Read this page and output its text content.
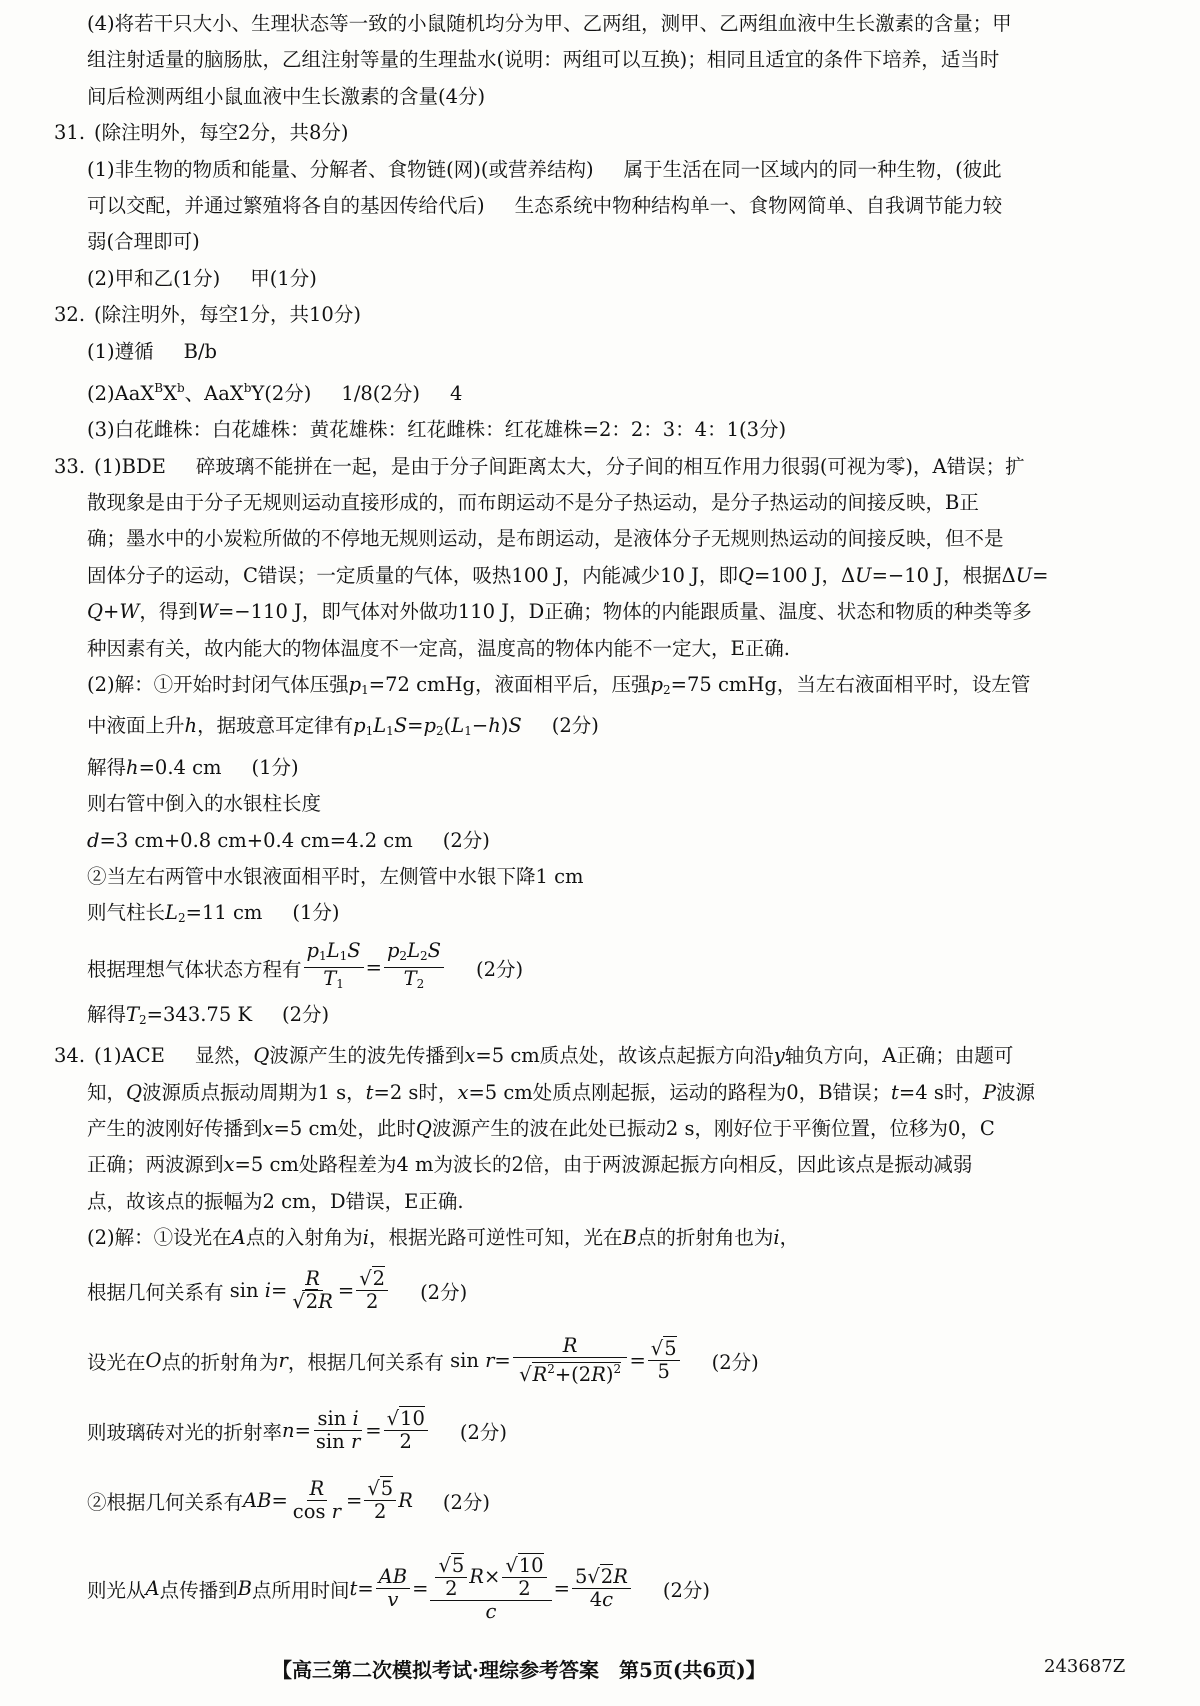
(4)将若干只大小、生理状态等一致的小鼠随机均分为甲、乙两组，测甲、乙两组血液中生长激素的含量；甲
组注射适量的脑肠肽，乙组注射等量的生理盐水(说明：两组可以互换)；相同且适宜的条件下培养，适当时
间后检测两组小鼠血液中生长激素的含量(4分)
31. (除注明外，每空2分，共8分)
(1)非生物的物质和能量、分解者、食物链(网)(或营养结构) 属于生活在同一区域内的同一种生物，(彼此
可以交配，并通过繁殖将各自的基因传给代后) 生态系统中物种结构单一、食物网简单、自我调节能力较
弱(合理即可)
(2)甲和乙(1分) 甲(1分)
32. (除注明外，每空1分，共10分)
(1)遵循 B/b
$(2)AaX^BX^b$、AaX$^b$Y(2分) 1/8(2分) 4
(3)白花雌株：白花雄株：黄花雄株：红花雌株：红花雄株=2：2：3：4：1(3分)
33. (1)BDE 碎玻璃不能拼在一起，是由于分子间距离太大，分子间的相互作用力很弱(可视为零)，A错误；扩
散现象是由于分子无规则运动直接形成的，而布朗运动不是分子热运动，是分子热运动的间接反映，B正
确；墨水中的小炭粒所做的不停地无规则运动，是布朗运动，是液体分子无规则热运动的间接反映，但不是
固体分子的运动，C错误；一定质量的气体，吸热100 J，内能减少10 J，即Q=100 J，ΔU=−10 J，根据ΔU=
Q+W，得到W=−110 J，即气体对外做功110 J，D正确；物体的内能跟质量、温度、状态和物质的种类等多
种因素有关，故内能大的物体温度不一定高，温度高的物体内能不一定大，E正确.
(2)解：①开始时封闭气体压强$p_1=72$ cmHg，液面相平后，压强$p_2=75$ cmHg，当左右液面相平时，设左管
中液面上升h，据玻意耳定律有$p_1L_1S=p_2(L_1-h)S$ (2分)
解得h=0.4 cm (1分)
则右管中倒入的水银柱长度
d=3 cm+0.8 cm+0.4 cm=4.2 cm (2分)
②当左右两管中水银液面相平时，左侧管中水银下降1 cm
则气柱长$L_2=11$ cm (1分)
根据理想气体状态方程有 $\frac{p_1L_1S}{T_1} = \frac{p_2L_2S}{T_2} (2$分)
解得$T_2=343.75$ K (2分)
34. (1)ACE 显然，Q波源产生的波先传播到x=5 cm质点处，故该点起振方向沿y轴负方向，A正确；由题可
知，Q波源质点振动周期为1 s，t=2 s时，x=5 cm处质点刚起振，运动的路程为0，B错误；t=4 s时，P波源
产生的波刚好传播到x=5 cm处，此时Q波源产生的波在此处已振动2 s，刚好位于平衡位置，位移为0，C
正确；两波源到x=5 cm处路程差为4 m为波长的2倍，由于两波源起振方向相反，因此该点是振动减弱
点，故该点的振幅为2 cm，D错误，E正确.
(2)解：①设光在A点的入射角为i，根据光路可逆性可知，光在B点的折射角也为i，
根据几何关系有
sin
$i = \frac{R}{√2R} = \frac{√2}{2} (2$分)
设光在 O 点的折射角为 r ，根据几何关系有
sin
$r = \frac{R}{√R^2+(2R)^2} = \frac{√5}{5} (2$分)
则玻璃砖对光的折射率 $n = \frac{\text{sin i}}{\text{sin r}} = \frac{√10}{2} (2$分)
②根据几何关系有 AB = $\frac{R}{\text{cos r}} = \frac{√5}{2}$ R (2分)
则光从 A 点传播到 B 点所用时间 $t = \frac{AB}{v} = \frac{\frac{√5}{2} R \times \frac{√10}{2}}{c} = \frac{5√2R}{4c} (2$分)
【高三第二次模拟考试·理综参考答案　第5页(共6页)】	243687Z
